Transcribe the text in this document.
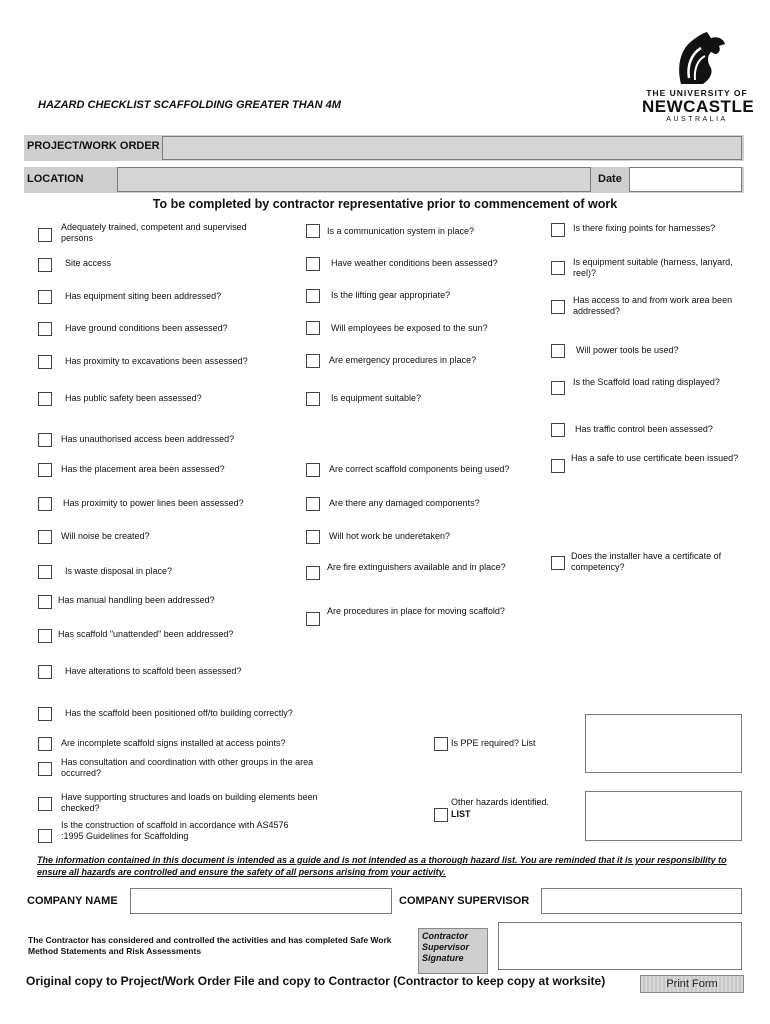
THE UNIVERSITY OF
NEWCASTLE
AUSTRALIA
HAZARD CHECKLIST SCAFFOLDING GREATER THAN 4M
PROJECT/WORK ORDER
LOCATION	Date
To be completed by contractor representative prior to commencement of work
Adequately trained, competent and supervised persons
Site access
Has equipment siting been addressed?
Have ground conditions been assessed?
Has proximity to excavations been assessed?
Has public safety been assessed?
Has unauthorised access been addressed?
Has the placement area been assessed?
Has proximity to power lines been assessed?
Will noise be created?
Is waste disposal in place?
Has manual handling been addressed?
Has scaffold "unattended" been addressed?
Have alterations to scaffold been assessed?
Has the scaffold been positioned off/to building correctly?
Are incomplete scaffold signs installed at access points?
Has consultation and coordination with other groups in the area occurred?
Have supporting structures and loads on building elements been checked?
Is the construction of scaffold in accordance with AS4576 :1995 Guidelines for Scaffolding
Is a communication system in place?
Have weather conditions been assessed?
Is the lifting gear appropriate?
Will employees be exposed to the sun?
Are emergency procedures in place?
Is equipment suitable?
Are correct scaffold components being used?
Are there any damaged components?
Will hot work be underetaken?
Are fire extinguishers available and in place?
Are procedures in place for moving scaffold?
Is there fixing points for harnesses?
Is equipment suitable (harness, lanyard, reel)?
Has access to and from work area been addressed?
Will power tools be used?
Is the Scaffold load rating displayed?
Has traffic control been assessed?
Has a safe to use certificate been issued?
Does the installer have a certificate of competency?
Is PPE required? List
Other hazards identified.
LIST
The information contained in this document is intended as a guide and is not intended as a thorough hazard list. You are reminded that it is your responsibility to ensure all hazards are controlled and ensure the safety of all persons arising from your activity.
COMPANY NAME	COMPANY SUPERVISOR
The Contractor has considered and controlled the activities and has completed Safe Work Method Statements and Risk Assessments
Contractor Supervisor Signature
Original copy to Project/Work Order File and copy to Contractor (Contractor to keep copy at worksite)	Print Form
